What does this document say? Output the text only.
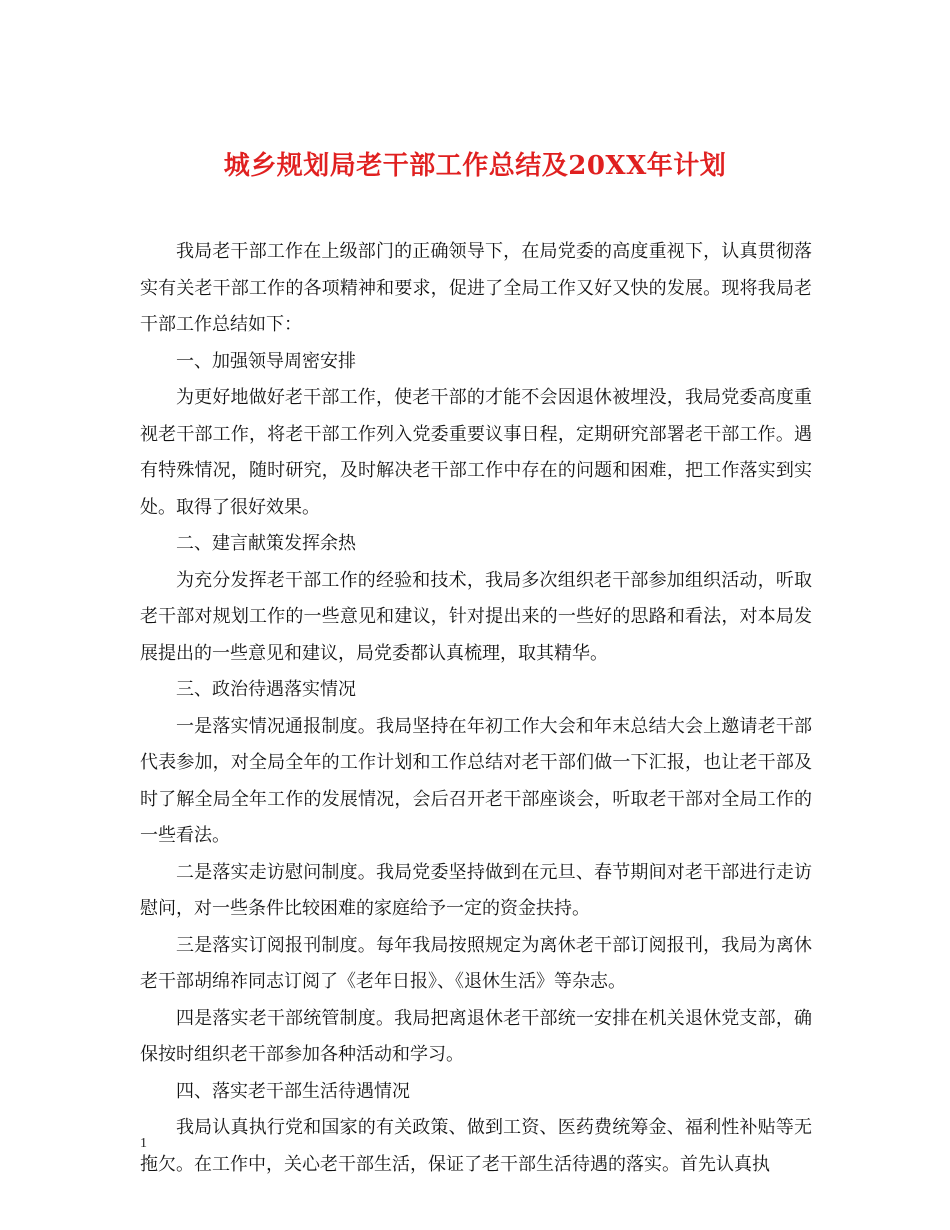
城乡规划局老干部工作总结及20XX年计划

我局老干部工作在上级部门的正确领导下，在局党委的高度重视下，认真贯彻落实有关老干部工作的各项精神和要求，促进了全局工作又好又快的发展。现将我局老干部工作总结如下：

一、加强领导周密安排

为更好地做好老干部工作，使老干部的才能不会因退休被埋没，我局党委高度重视老干部工作，将老干部工作列入党委重要议事日程，定期研究部署老干部工作。遇有特殊情况，随时研究，及时解决老干部工作中存在的问题和困难，把工作落实到实处。取得了很好效果。

二、建言献策发挥余热

为充分发挥老干部工作的经验和技术，我局多次组织老干部参加组织活动，听取老干部对规划工作的一些意见和建议，针对提出来的一些好的思路和看法，对本局发展提出的一些意见和建议，局党委都认真梳理，取其精华。

三、政治待遇落实情况

一是落实情况通报制度。我局坚持在年初工作大会和年末总结大会上邀请老干部代表参加，对全局全年的工作计划和工作总结对老干部们做一下汇报，也让老干部及时了解全局全年工作的发展情况，会后召开老干部座谈会，听取老干部对全局工作的一些看法。

二是落实走访慰问制度。我局党委坚持做到在元旦、春节期间对老干部进行走访慰问，对一些条件比较困难的家庭给予一定的资金扶持。

三是落实订阅报刊制度。每年我局按照规定为离休老干部订阅报刊，我局为离休老干部胡绵祚同志订阅了《老年日报》、《退休生活》等杂志。

四是落实老干部统管制度。我局把离退休老干部统一安排在机关退休党支部，确保按时组织老干部参加各种活动和学习。

四、落实老干部生活待遇情况

我局认真执行党和国家的有关政策、做到工资、医药费统筹金、福利性补贴等无拖欠。在工作中，关心老干部生活，保证了老干部生活待遇的落实。首先认真执

1
